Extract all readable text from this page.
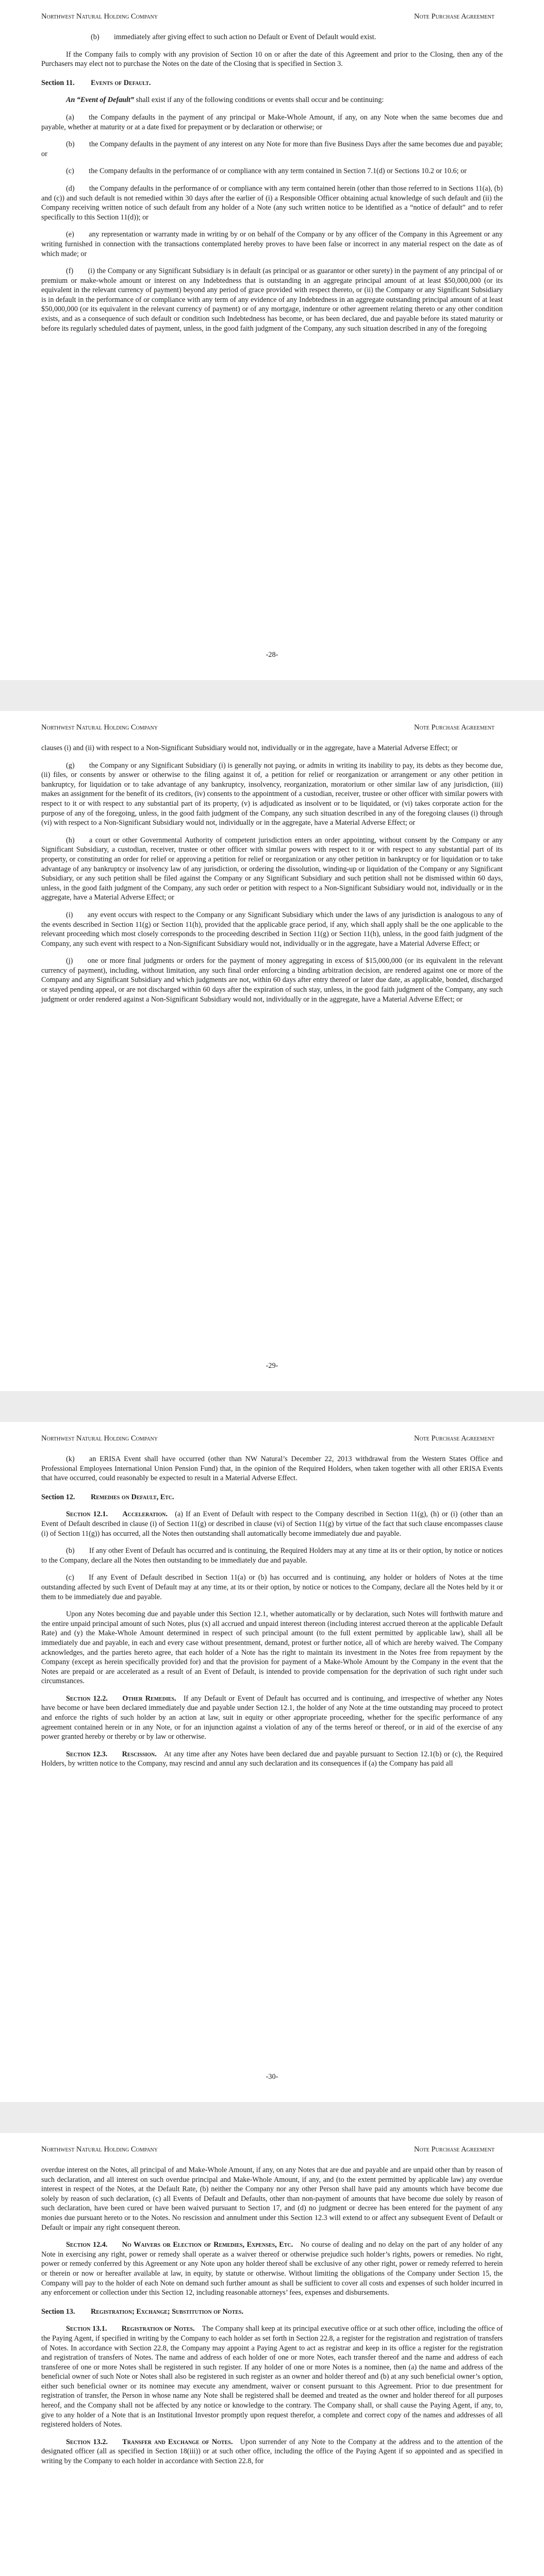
Northwest Natural Holding Company	Note Purchase Agreement

(b)  immediately after giving effect to such action no Default or Event of Default would exist.

If the Company fails to comply with any provision of Section 10 on or after the date of this Agreement and prior to the Closing, then any of the Purchasers may elect not to purchase the Notes on the date of the Closing that is specified in Section 3.

Section 11.	Events of Default.

An “Event of Default” shall exist if any of the following conditions or events shall occur and be continuing:

(a)  the Company defaults in the payment of any principal or Make-Whole Amount, if any, on any Note when the same becomes due and payable, whether at maturity or at a date fixed for prepayment or by declaration or otherwise; or

(b)  the Company defaults in the payment of any interest on any Note for more than five Business Days after the same becomes due and payable; or

(c)  the Company defaults in the performance of or compliance with any term contained in Section 7.1(d) or Sections 10.2 or 10.6; or

(d)  the Company defaults in the performance of or compliance with any term contained herein (other than those referred to in Sections 11(a), (b) and (c)) and such default is not remedied within 30 days after the earlier of (i) a Responsible Officer obtaining actual knowledge of such default and (ii) the Company receiving written notice of such default from any holder of a Note (any such written notice to be identified as a “notice of default” and to refer specifically to this Section 11(d)); or

(e)  any representation or warranty made in writing by or on behalf of the Company or by any officer of the Company in this Agreement or any writing furnished in connection with the transactions contemplated hereby proves to have been false or incorrect in any material respect on the date as of which made; or

(f)  (i) the Company or any Significant Subsidiary is in default (as principal or as guarantor or other surety) in the payment of any principal of or premium or make-whole amount or interest on any Indebtedness that is outstanding in an aggregate principal amount of at least $50,000,000 (or its equivalent in the relevant currency of payment) beyond any period of grace provided with respect thereto, or (ii) the Company or any Significant Subsidiary is in default in the performance of or compliance with any term of any evidence of any Indebtedness in an aggregate outstanding principal amount of at least $50,000,000 (or its equivalent in the relevant currency of payment) or of any mortgage, indenture or other agreement relating thereto or any other condition exists, and as a consequence of such default or condition such Indebtedness has become, or has been declared, due and payable before its stated maturity or before its regularly scheduled dates of payment, unless, in the good faith judgment of the Company, any such situation described in any of the foregoing

-28-
Northwest Natural Holding Company	Note Purchase Agreement

clauses (i) and (ii) with respect to a Non-Significant Subsidiary would not, individually or in the aggregate, have a Material Adverse Effect; or

(g)  the Company or any Significant Subsidiary (i) is generally not paying, or admits in writing its inability to pay, its debts as they become due, (ii) files, or consents by answer or otherwise to the filing against it of, a petition for relief or reorganization or arrangement or any other petition in bankruptcy, for liquidation or to take advantage of any bankruptcy, insolvency, reorganization, moratorium or other similar law of any jurisdiction, (iii) makes an assignment for the benefit of its creditors, (iv) consents to the appointment of a custodian, receiver, trustee or other officer with similar powers with respect to it or with respect to any substantial part of its property, (v) is adjudicated as insolvent or to be liquidated, or (vi) takes corporate action for the purpose of any of the foregoing, unless, in the good faith judgment of the Company, any such situation described in any of the foregoing clauses (i) through (vi) with respect to a Non-Significant Subsidiary would not, individually or in the aggregate, have a Material Adverse Effect; or

(h)  a court or other Governmental Authority of competent jurisdiction enters an order appointing, without consent by the Company or any Significant Subsidiary, a custodian, receiver, trustee or other officer with similar powers with respect to it or with respect to any substantial part of its property, or constituting an order for relief or approving a petition for relief or reorganization or any other petition in bankruptcy or for liquidation or to take advantage of any bankruptcy or insolvency law of any jurisdiction, or ordering the dissolution, winding-up or liquidation of the Company or any Significant Subsidiary, or any such petition shall be filed against the Company or any Significant Subsidiary and such petition shall not be dismissed within 60 days, unless, in the good faith judgment of the Company, any such order or petition with respect to a Non-Significant Subsidiary would not, individually or in the aggregate, have a Material Adverse Effect; or

(i)  any event occurs with respect to the Company or any Significant Subsidiary which under the laws of any jurisdiction is analogous to any of the events described in Section 11(g) or Section 11(h), provided that the applicable grace period, if any, which shall apply shall be the one applicable to the relevant proceeding which most closely corresponds to the proceeding described in Section 11(g) or Section 11(h), unless, in the good faith judgment of the Company, any such event with respect to a Non-Significant Subsidiary would not, individually or in the aggregate, have a Material Adverse Effect; or

(j)  one or more final judgments or orders for the payment of money aggregating in excess of $15,000,000 (or its equivalent in the relevant currency of payment), including, without limitation, any such final order enforcing a binding arbitration decision, are rendered against one or more of the Company and any Significant Subsidiary and which judgments are not, within 60 days after entry thereof or later due date, as applicable, bonded, discharged or stayed pending appeal, or are not discharged within 60 days after the expiration of such stay, unless, in the good faith judgment of the Company, any such judgment or order rendered against a Non-Significant Subsidiary would not, individually or in the aggregate, have a Material Adverse Effect; or

-29-
Northwest Natural Holding Company	Note Purchase Agreement

(k)  an ERISA Event shall have occurred (other than NW Natural’s December 22, 2013 withdrawal from the Western States Office and Professional Employees International Union Pension Fund) that, in the opinion of the Required Holders, when taken together with all other ERISA Events that have occurred, could reasonably be expected to result in a Material Adverse Effect.

Section 12.	Remedies on Default, Etc.

Section 12.1.  Acceleration. (a) If an Event of Default with respect to the Company described in Section 11(g), (h) or (i) (other than an Event of Default described in clause (i) of Section 11(g) or described in clause (vi) of Section 11(g) by virtue of the fact that such clause encompasses clause (i) of Section 11(g)) has occurred, all the Notes then outstanding shall automatically become immediately due and payable.

(b)  If any other Event of Default has occurred and is continuing, the Required Holders may at any time at its or their option, by notice or notices to the Company, declare all the Notes then outstanding to be immediately due and payable.

(c)  If any Event of Default described in Section 11(a) or (b) has occurred and is continuing, any holder or holders of Notes at the time outstanding affected by such Event of Default may at any time, at its or their option, by notice or notices to the Company, declare all the Notes held by it or them to be immediately due and payable.

Upon any Notes becoming due and payable under this Section 12.1, whether automatically or by declaration, such Notes will forthwith mature and the entire unpaid principal amount of such Notes, plus (x) all accrued and unpaid interest thereon (including interest accrued thereon at the applicable Default Rate) and (y) the Make-Whole Amount determined in respect of such principal amount (to the full extent permitted by applicable law), shall all be immediately due and payable, in each and every case without presentment, demand, protest or further notice, all of which are hereby waived. The Company acknowledges, and the parties hereto agree, that each holder of a Note has the right to maintain its investment in the Notes free from repayment by the Company (except as herein specifically provided for) and that the provision for payment of a Make-Whole Amount by the Company in the event that the Notes are prepaid or are accelerated as a result of an Event of Default, is intended to provide compensation for the deprivation of such right under such circumstances.

Section 12.2.  Other Remedies. If any Default or Event of Default has occurred and is continuing, and irrespective of whether any Notes have become or have been declared immediately due and payable under Section 12.1, the holder of any Note at the time outstanding may proceed to protect and enforce the rights of such holder by an action at law, suit in equity or other appropriate proceeding, whether for the specific performance of any agreement contained herein or in any Note, or for an injunction against a violation of any of the terms hereof or thereof, or in aid of the exercise of any power granted hereby or thereby or by law or otherwise.

Section 12.3.  Rescission. At any time after any Notes have been declared due and payable pursuant to Section 12.1(b) or (c), the Required Holders, by written notice to the Company, may rescind and annul any such declaration and its consequences if (a) the Company has paid all

-30-
Northwest Natural Holding Company	Note Purchase Agreement

overdue interest on the Notes, all principal of and Make-Whole Amount, if any, on any Notes that are due and payable and are unpaid other than by reason of such declaration, and all interest on such overdue principal and Make-Whole Amount, if any, and (to the extent permitted by applicable law) any overdue interest in respect of the Notes, at the Default Rate, (b) neither the Company nor any other Person shall have paid any amounts which have become due solely by reason of such declaration, (c) all Events of Default and Defaults, other than non-payment of amounts that have become due solely by reason of such declaration, have been cured or have been waived pursuant to Section 17, and (d) no judgment or decree has been entered for the payment of any monies due pursuant hereto or to the Notes. No rescission and annulment under this Section 12.3 will extend to or affect any subsequent Event of Default or Default or impair any right consequent thereon.

Section 12.4.  No Waivers or Election of Remedies, Expenses, Etc. No course of dealing and no delay on the part of any holder of any Note in exercising any right, power or remedy shall operate as a waiver thereof or otherwise prejudice such holder’s rights, powers or remedies. No right, power or remedy conferred by this Agreement or any Note upon any holder thereof shall be exclusive of any other right, power or remedy referred to herein or therein or now or hereafter available at law, in equity, by statute or otherwise. Without limiting the obligations of the Company under Section 15, the Company will pay to the holder of each Note on demand such further amount as shall be sufficient to cover all costs and expenses of such holder incurred in any enforcement or collection under this Section 12, including reasonable attorneys’ fees, expenses and disbursements.

Section 13.	Registration; Exchange; Substitution of Notes.

Section 13.1.  Registration of Notes. The Company shall keep at its principal executive office or at such other office, including the office of the Paying Agent, if specified in writing by the Company to each holder as set forth in Section 22.8, a register for the registration and registration of transfers of Notes. In accordance with Section 22.8, the Company may appoint a Paying Agent to act as registrar and keep in its office a register for the registration and registration of transfers of Notes. The name and address of each holder of one or more Notes, each transfer thereof and the name and address of each transferee of one or more Notes shall be registered in such register. If any holder of one or more Notes is a nominee, then (a) the name and address of the beneficial owner of such Note or Notes shall also be registered in such register as an owner and holder thereof and (b) at any such beneficial owner’s option, either such beneficial owner or its nominee may execute any amendment, waiver or consent pursuant to this Agreement. Prior to due presentment for registration of transfer, the Person in whose name any Note shall be registered shall be deemed and treated as the owner and holder thereof for all purposes hereof, and the Company shall not be affected by any notice or knowledge to the contrary. The Company shall, or shall cause the Paying Agent, if any, to, give to any holder of a Note that is an Institutional Investor promptly upon request therefor, a complete and correct copy of the names and addresses of all registered holders of Notes.

Section 13.2.  Transfer and Exchange of Notes. Upon surrender of any Note to the Company at the address and to the attention of the designated officer (all as specified in Section 18(iii)) or at such other office, including the office of the Paying Agent if so appointed and as specified in writing by the Company to each holder in accordance with Section 22.8, for
